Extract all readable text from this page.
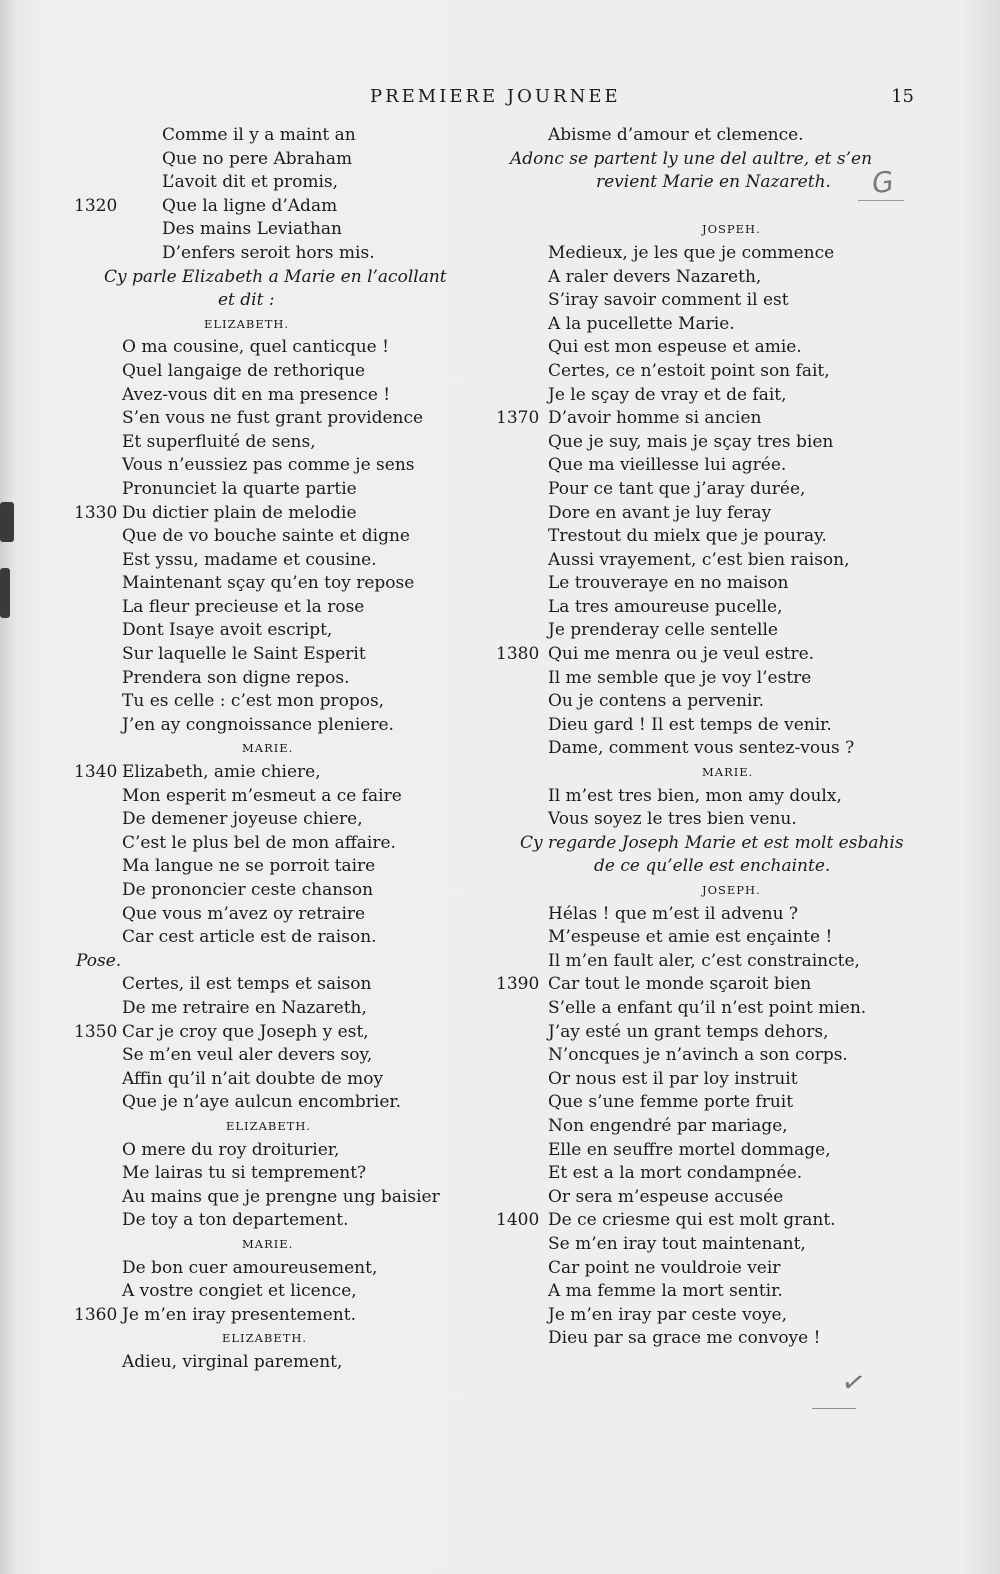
PREMIERE JOURNEE	15
Comme il y a maint an
Que no pere Abraham
L’avoit dit et promis,
1320	Que la ligne d’Adam
Des mains Leviathan
D’enfers seroit hors mis.
Cy parle Elizabeth a Marie en l’acollant
et dit :
ELIZABETH.
O ma cousine, quel canticque !
Quel langaige de rethorique
Avez-vous dit en ma presence !
S’en vous ne fust grant providence
Et superfluité de sens,
Vous n’eussiez pas comme je sens
Pronunciet la quarte partie
1330 Du dictier plain de melodie
Que de vo bouche sainte et digne
Est yssu, madame et cousine.
Maintenant sçay qu’en toy repose
La fleur precieuse et la rose
Dont Isaye avoit escript,
Sur laquelle le Saint Esperit
Prendera son digne repos.
Tu es celle : c’est mon propos,
J’en ay congnoissance pleniere.
MARIE.
1340 Elizabeth, amie chiere,
Mon esperit m’esmeut a ce faire
De demener joyeuse chiere,
C’est le plus bel de mon affaire.
Ma langue ne se porroit taire
De prononcier ceste chanson
Que vous m’avez oy retraire
Car cest article est de raison.
Pose.
Certes, il est temps et saison
De me retraire en Nazareth,
1350 Car je croy que Joseph y est,
Se m’en veul aler devers soy,
Affin qu’il n’ait doubte de moy
Que je n’aye aulcun encombrier.
ELIZABETH.
O mere du roy droiturier,
Me lairas tu si temprement?
Au mains que je prengne ung baisier
De toy a ton departement.
MARIE.
De bon cuer amoureusement,
A vostre congiet et licence,
1360 Je m’en iray presentement.
ELIZABETH.
Adieu, virginal parement,
Abisme d’amour et clemence.
Adonc se partent ly une del aultre, et s’en
revient Marie en Nazareth.
JOSPEH.
Medieux, je les que je commence
A raler devers Nazareth,
S’iray savoir comment il est
A la pucellette Marie.
Qui est mon espeuse et amie.
Certes, ce n’estoit point son fait,
Je le sçay de vray et de fait,
1370 D’avoir homme si ancien
Que je suy, mais je sçay tres bien
Que ma vieillesse lui agrée.
Pour ce tant que j’aray durée,
Dore en avant je luy feray
Trestout du mielx que je pouray.
Aussi vrayement, c’est bien raison,
Le trouveraye en no maison
La tres amoureuse pucelle,
Je prenderay celle sentelle
1380 Qui me menra ou je veul estre.
Il me semble que je voy l’estre
Ou je contens a pervenir.
Dieu gard ! Il est temps de venir.
Dame, comment vous sentez-vous ?
MARIE.
Il m’est tres bien, mon amy doulx,
Vous soyez le tres bien venu.
Cy regarde Joseph Marie et est molt esbahis
de ce qu’elle est enchainte.
JOSEPH.
Hélas ! que m’est il advenu ?
M’espeuse et amie est ençainte !
Il m’en fault aler, c’est constraincte,
1390 Car tout le monde sçaroit bien
S’elle a enfant qu’il n’est point mien.
J’ay esté un grant temps dehors,
N’oncques je n’avinch a son corps.
Or nous est il par loy instruit
Que s’une femme porte fruit
Non engendré par mariage,
Elle en seuffre mortel dommage,
Et est a la mort condampnée.
Or sera m’espeuse accusée
1400 De ce criesme qui est molt grant.
Se m’en iray tout maintenant,
Car point ne vouldroie veir
A ma femme la mort sentir.
Je m’en iray par ceste voye,
Dieu par sa grace me convoye !
G
✓
